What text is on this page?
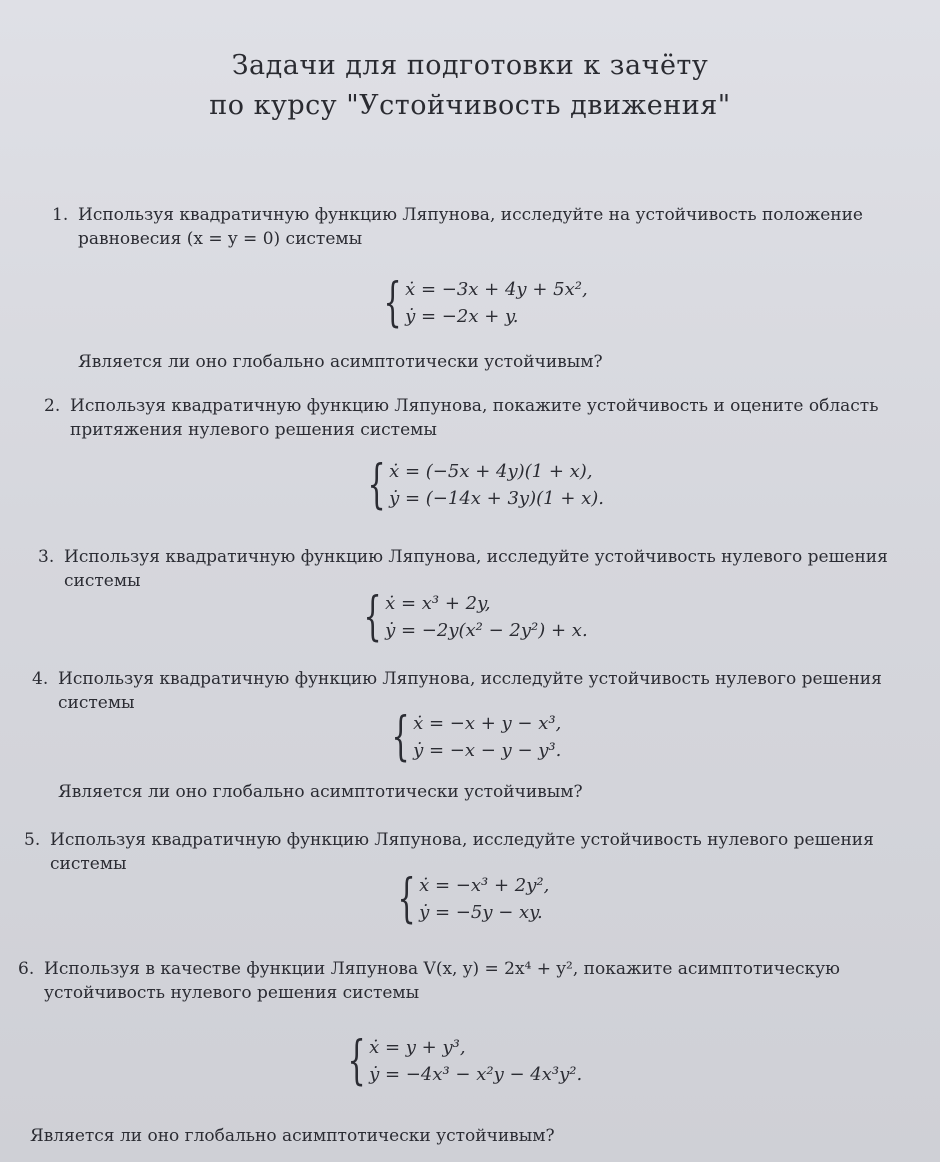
Задачи для подготовки к зачёту
по курсу "Устойчивость движения"
1. Используя квадратичную функцию Ляпунова, исследуйте на устойчивость положение равновесия (x = y = 0) системы
{ ẋ = −3x + 4y + 5x²,
ẏ = −2x + y.
Является ли оно глобально асимптотически устойчивым?
2. Используя квадратичную функцию Ляпунова, покажите устойчивость и оцените область притяжения нулевого решения системы
{ ẋ = (−5x + 4y)(1 + x),
ẏ = (−14x + 3y)(1 + x).
3. Используя квадратичную функцию Ляпунова, исследуйте устойчивость нулевого решения системы
{ ẋ = x³ + 2y,
ẏ = −2y(x² − 2y²) + x.
4. Используя квадратичную функцию Ляпунова, исследуйте устойчивость нулевого решения системы
{ ẋ = −x + y − x³,
ẏ = −x − y − y³.
Является ли оно глобально асимптотически устойчивым?
5. Используя квадратичную функцию Ляпунова, исследуйте устойчивость нулевого решения системы
{ ẋ = −x³ + 2y²,
ẏ = −5y − xy.
6. Используя в качестве функции Ляпунова V(x, y) = 2x⁴ + y², покажите асимптотическую устойчивость нулевого решения системы
{ ẋ = y + y³,
ẏ = −4x³ − x²y − 4x³y².
Является ли оно глобально асимптотически устойчивым?
